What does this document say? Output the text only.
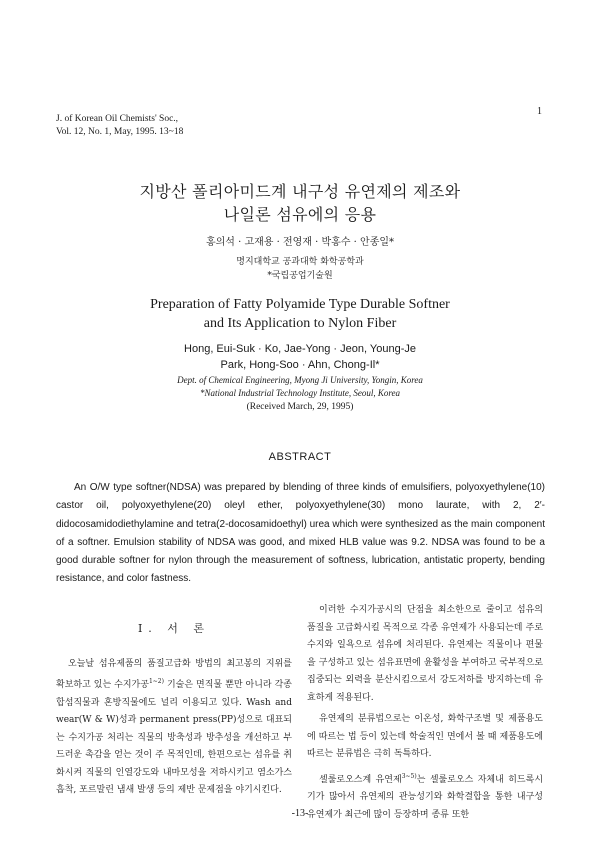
J. of Korean Oil Chemists' Soc.,
Vol. 12, No. 1, May, 1995. 13~18
1
지방산 폴리아미드계 내구성 유연제의 제조와
나일론 섬유에의 응용
홍의석 · 고재용 · 전영재 · 박홍수 · 안종일*
명지대학교 공과대학 화학공학과
*국립공업기술원
Preparation of Fatty Polyamide Type Durable Softner
and Its Application to Nylon Fiber
Hong, Eui-Suk · Ko, Jae-Yong · Jeon, Young-Je
Park, Hong-Soo · Ahn, Chong-Il*
Dept. of Chemical Engineering, Myong Ji University, Yongin, Korea
*National Industrial Technology Institute, Seoul, Korea
(Received March, 29, 1995)
ABSTRACT

An O/W type softner(NDSA) was prepared by blending of three kinds of emulsifiers, polyoxyethylene(10) castor oil, polyoxyethylene(20) oleyl ether, polyoxyethylene(30) mono laurate, with 2, 2′-didocosamidodiethylamine and tetra(2-docosamidoethyl) urea which were synthesized as the main component of a softner. Emulsion stability of NDSA was good, and mixed HLB value was 9.2. NDSA was found to be a good durable softner for nylon through the measurement of softness, lubrication, antistatic property, bending resistance, and color fastness.

I. 서 론

오늘날 섬유제품의 품질고급화 방법의 최고봉의 지위를 확보하고 있는 수지가공$^{1\sim 2)}$ 기술은 면직물 뿐만 아니라 각종 합섬직물과 혼방직물에도 널리 이용되고 있다. Wash and wear(W & W)성과 permanent press(PP)성으로 대표되는 수지가공 처리는 직물의 방축성과 방추성을 개선하고 부드러운 촉감을 얻는 것이 주 목적인데, 한편으로는 섬유를 취화시켜 직물의 인열강도와 내마모성을 저하시키고 염소가스 흡착, 포르말린 냄새 발생 등의 제반 문제점을 야기시킨다.

이러한 수지가공시의 단점을 최소한으로 줄이고 섬유의 품질을 고급화시킬 목적으로 각종 유연제가 사용되는데 주로 수지와 일욕으로 섬유에 처리된다. 유연제는 직물이나 편물을 구성하고 있는 섬유표면에 윤활성을 부여하고 국부적으로 집중되는 외력을 분산시킴으로서 강도저하를 방지하는데 유효하게 적용된다.

유연제의 분류법으로는 이온성, 화학구조별 및 제품용도에 따르는 법 등이 있는데 학술적인 면에서 볼 때 제품용도에 따르는 분류법은 극히 독특하다.

셀룰로오스계 유연제$^{3\sim 5)}$는 셀룰로오스 자체내 히드록시기가 많아서 유연제의 관능성기와 화학결합을 통한 내구성 유연제가 최근에 많이 등장하며 종류 또한

-13-
